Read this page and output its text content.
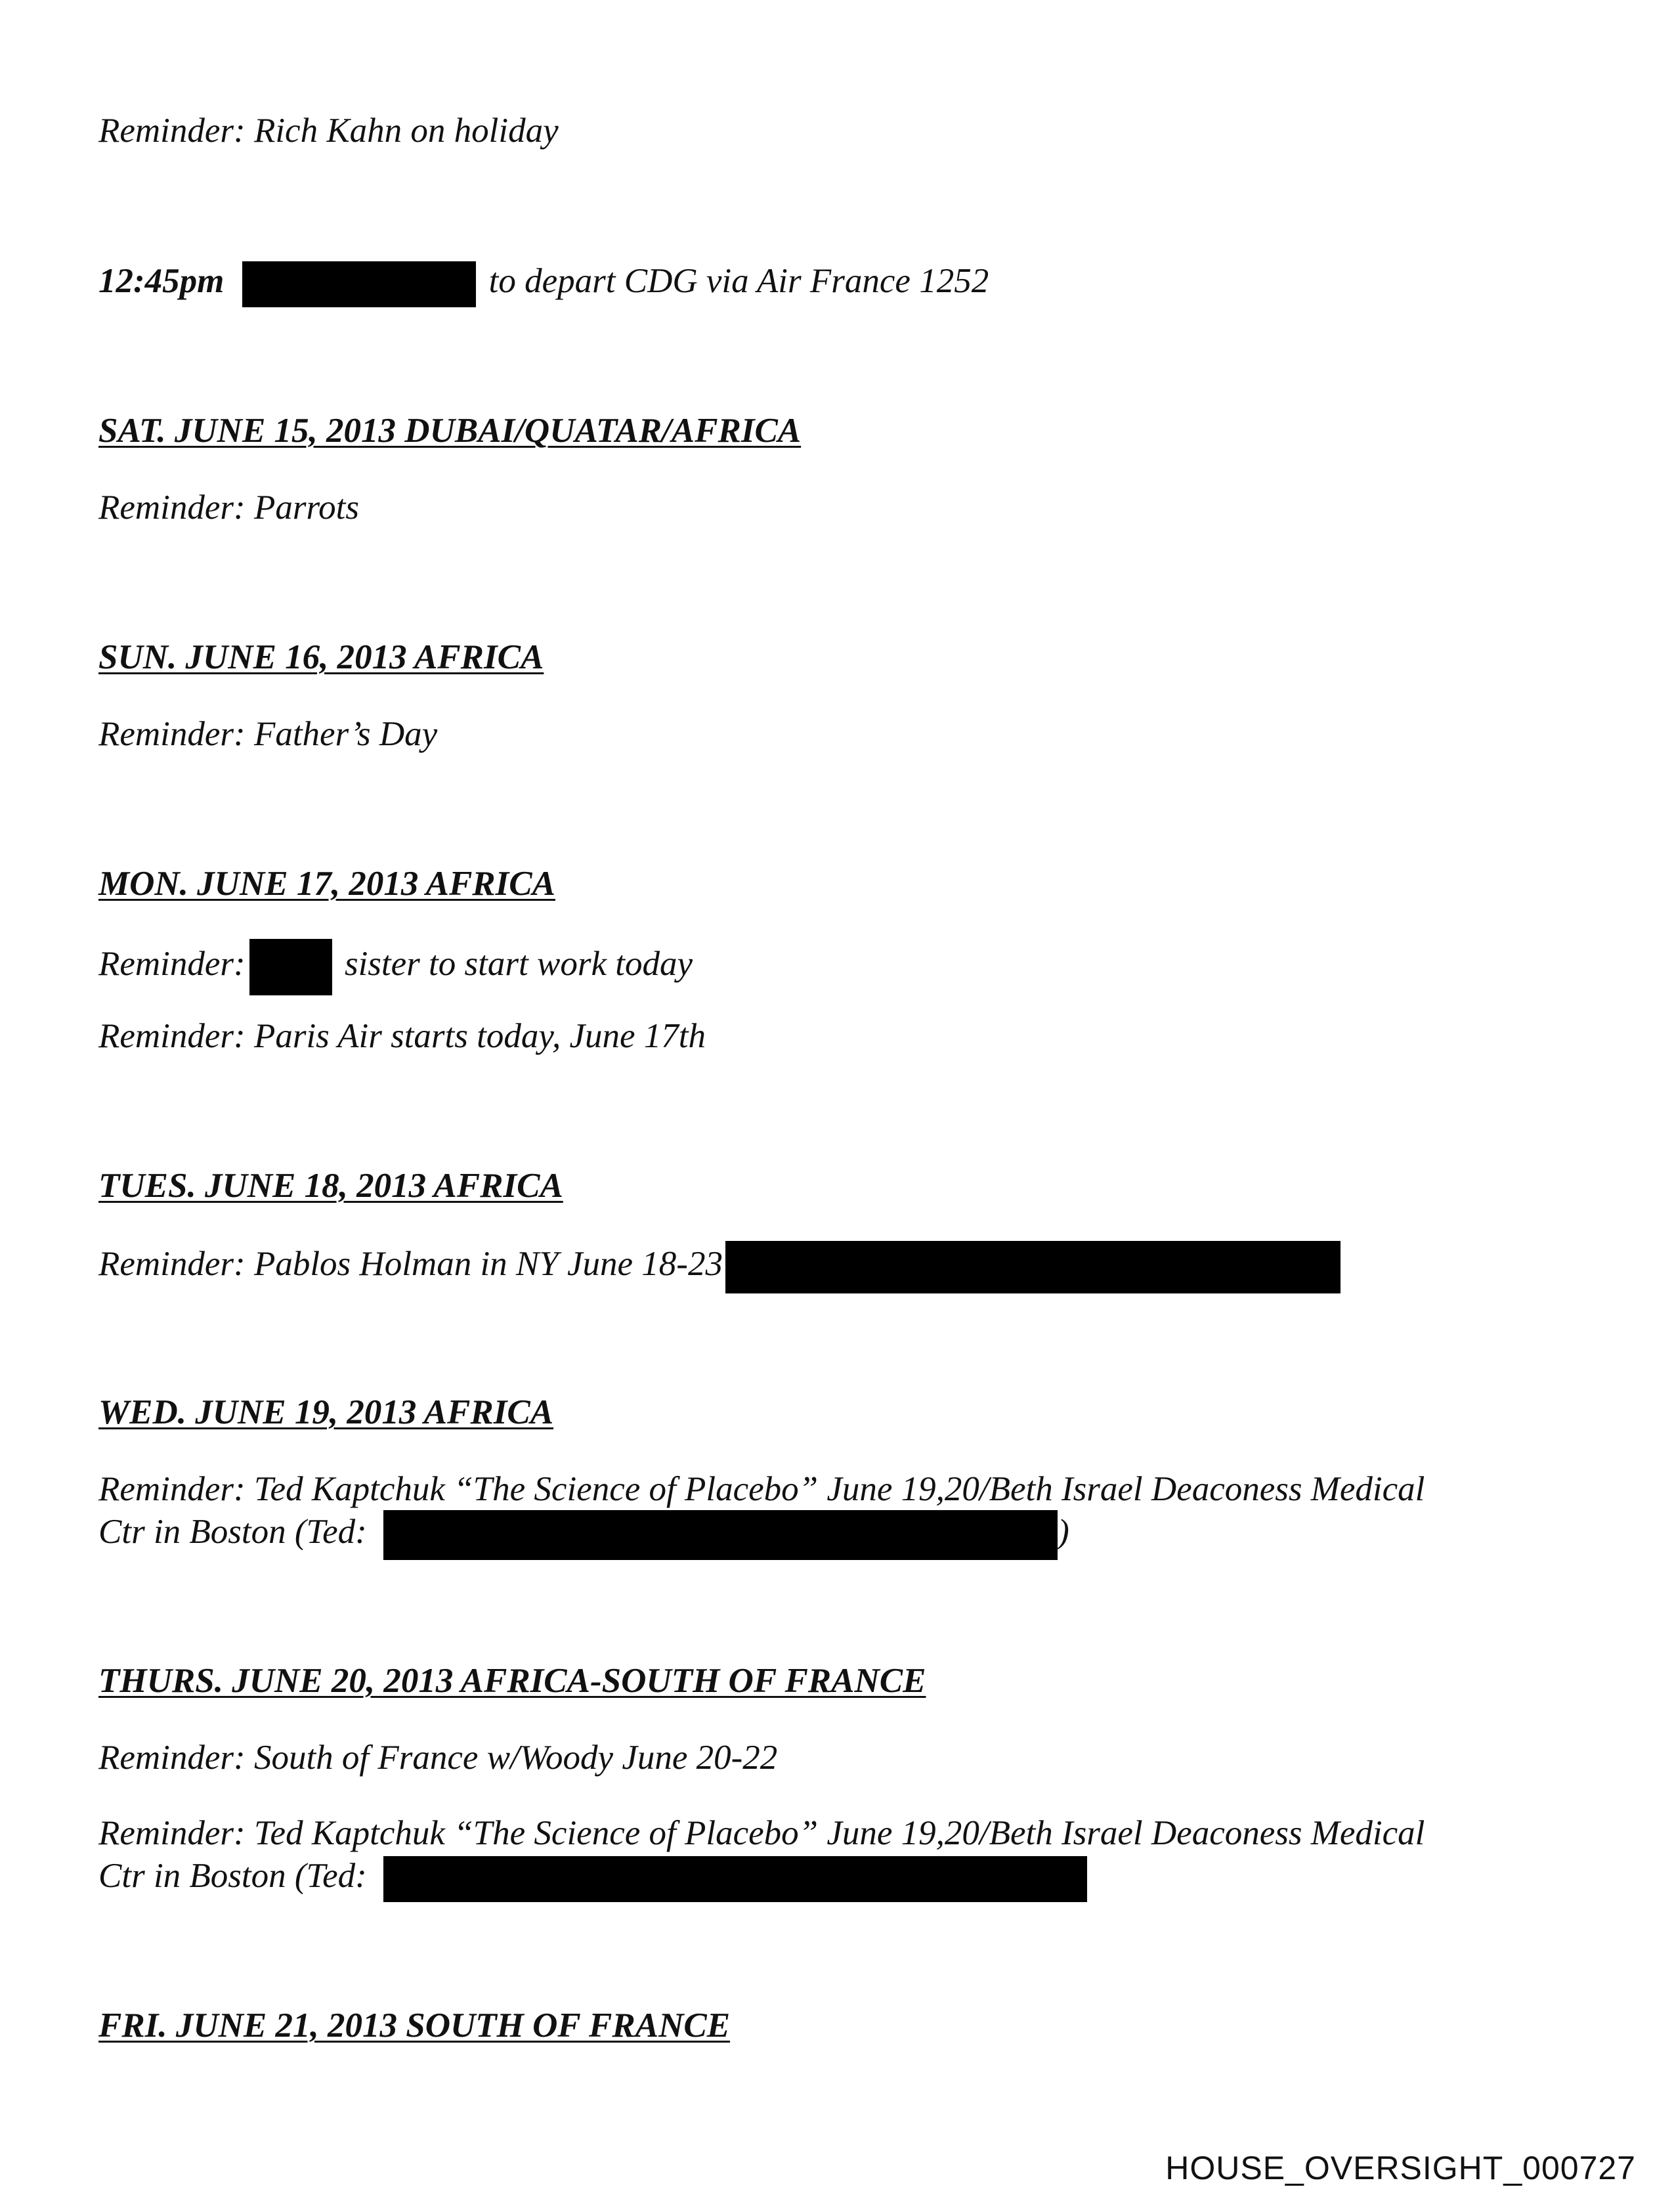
Reminder: Rich Kahn on holiday
12:45pm	to depart CDG via Air France 1252
SAT. JUNE 15, 2013 DUBAI/QUATAR/AFRICA
Reminder: Parrots
SUN. JUNE 16, 2013 AFRICA
Reminder: Father’s Day
MON. JUNE 17, 2013 AFRICA
Reminder:	sister to start work today
Reminder: Paris Air starts today, June 17th
TUES. JUNE 18, 2013 AFRICA
Reminder: Pablos Holman in NY June 18-23
WED. JUNE 19, 2013 AFRICA
Reminder: Ted Kaptchuk “The Science of Placebo” June 19,20/Beth Israel Deaconess Medical
Ctr in Boston (Ted:	)
THURS. JUNE 20, 2013 AFRICA-SOUTH OF FRANCE
Reminder: South of France w/Woody June 20-22
Reminder: Ted Kaptchuk “The Science of Placebo” June 19,20/Beth Israel Deaconess Medical
Ctr in Boston (Ted:
FRI. JUNE 21, 2013 SOUTH OF FRANCE
HOUSE_OVERSIGHT_000727
